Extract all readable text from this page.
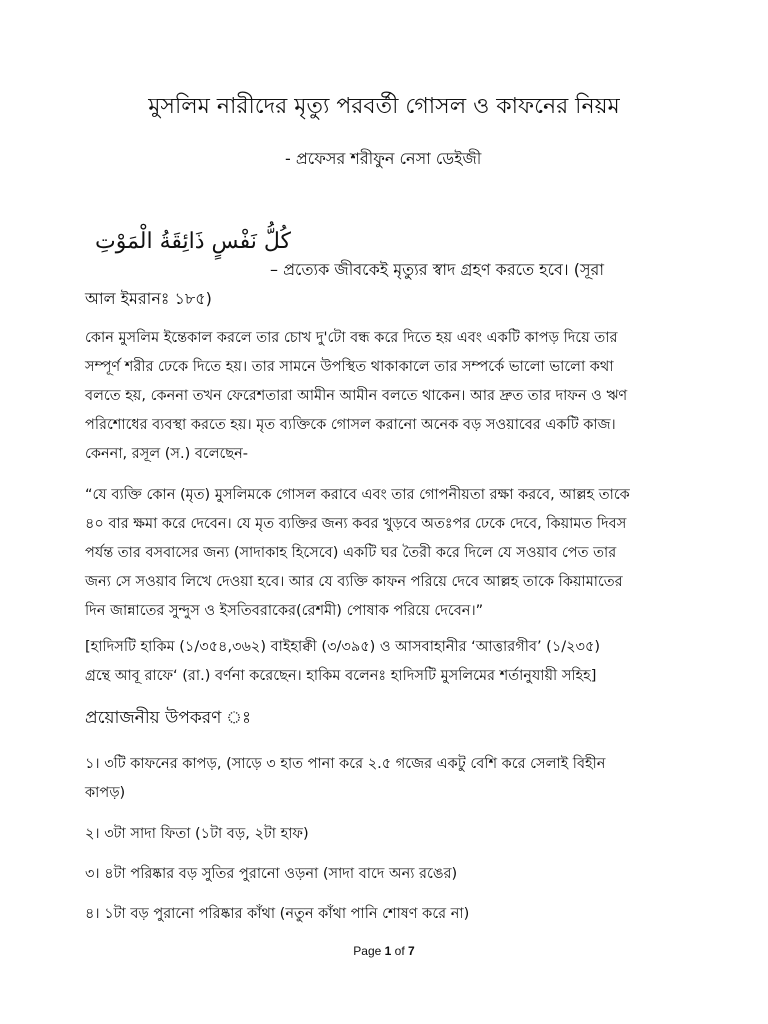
মুসলিম নারীদের মৃত্যু পরবর্তী গোসল ও কাফনের নিয়ম
- প্রফেসর শরীফুন নেসা ডেইজী
كُلُّ نَفْسٍ ذَائِقَةُ الْمَوْتِ
– প্রত্যেক জীবকেই মৃত্যুর স্বাদ গ্রহণ করতে হবে। (সূরা
আল ইমরানঃ ১৮৫)
কোন মুসলিম ইন্তেকাল করলে তার চোখ দু'টো বন্ধ করে দিতে হয় এবং একটি কাপড় দিয়ে তার
সম্পূর্ণ শরীর ঢেকে দিতে হয়। তার সামনে উপস্থিত থাকাকালে তার সম্পর্কে ভালো ভালো কথা
বলতে হয়, কেননা তখন ফেরেশতারা আমীন আমীন বলতে থাকেন। আর দ্রুত তার দাফন ও ঋণ
পরিশোধের ব্যবস্থা করতে হয়। মৃত ব্যক্তিকে গোসল করানো অনেক বড় সওয়াবের একটি কাজ।
কেননা, রসূল (স.) বলেছেন-
“যে ব্যক্তি কোন (মৃত) মুসলিমকে গোসল করাবে এবং তার গোপনীয়তা রক্ষা করবে, আল্লহ তাকে
৪০ বার ক্ষমা করে দেবেন। যে মৃত ব্যক্তির জন্য কবর খুড়বে অতঃপর ঢেকে দেবে, কিয়ামত দিবস
পর্যন্ত তার বসবাসের জন্য (সাদাকাহ হিসেবে) একটি ঘর তৈরী করে দিলে যে সওয়াব পেত তার
জন্য সে সওয়াব লিখে দেওয়া হবে। আর যে ব্যক্তি কাফন পরিয়ে দেবে আল্লহ তাকে কিয়ামাতের
দিন জান্নাতের সুন্দুস ও ইসতিবরাকের(রেশমী) পোষাক পরিয়ে দেবেন।”
[হাদিসটি হাকিম (১/৩৫৪,৩৬২) বাইহাক্বী (৩/৩৯৫) ও আসবাহানীর ‘আত্তারগীব’ (১/২৩৫)
গ্রন্থে আবূ রাফে‘ (রা.) বর্ণনা করেছেন। হাকিম বলেনঃ হাদিসটি মুসলিমের শর্তানুযায়ী সহিহ]
প্রয়োজনীয় উপকরণ ঃ
১। ৩টি কাফনের কাপড়, (সাড়ে ৩ হাত পানা করে ২.৫ গজের একটু বেশি করে সেলাই বিহীন
কাপড়)
২। ৩টা সাদা ফিতা (১টা বড়, ২টা হাফ)
৩। ৪টা পরিষ্কার বড় সুতির পুরানো ওড়না (সাদা বাদে অন্য রঙের)
৪। ১টা বড় পুরানো পরিষ্কার কাঁথা (নতুন কাঁথা পানি শোষণ করে না)
Page 1 of 7
